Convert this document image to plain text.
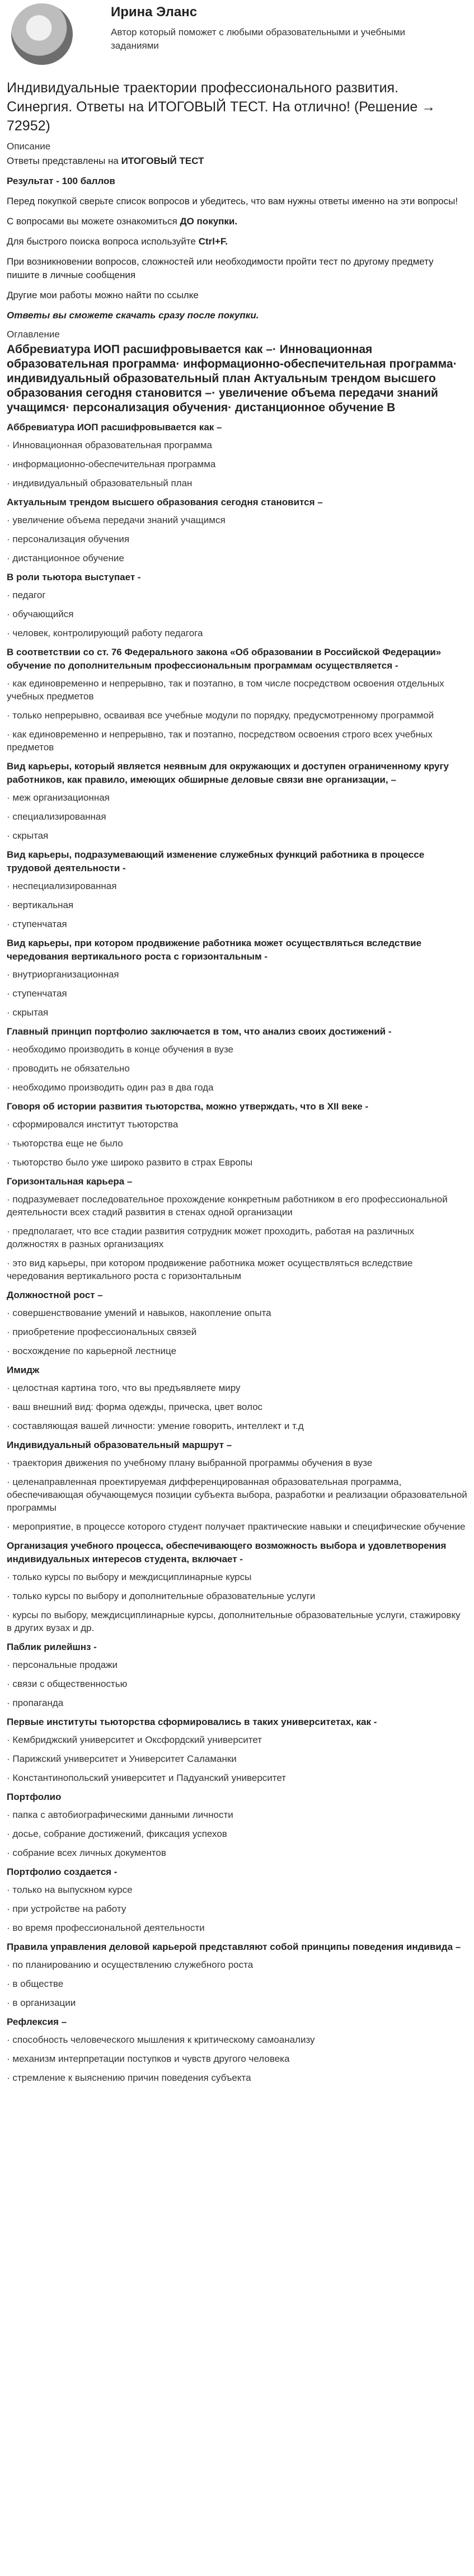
Ирина Эланс
Автор который поможет с любыми образовательными и учебными заданиями
Индивидуальные траектории профессионального развития. Синергия. Ответы на ИТОГОВЫЙ ТЕСТ. На отлично! (Решение → 72952)
Описание

Ответы представлены на ИТОГОВЫЙ ТЕСТ

Результат - 100 баллов

Перед покупкой сверьте список вопросов и убедитесь, что вам нужны ответы именно на эти вопросы!

С вопросами вы можете ознакомиться ДО покупки.

Для быстрого поиска вопроса используйте Ctrl+F.

При возникновении вопросов, сложностей или необходимости пройти тест по другому предмету пишите в личные сообщения

Другие мои работы можно найти по ссылке

Ответы вы сможете скачать сразу после покупки.

Оглавление
Аббревиатура ИОП расшифровывается как –· Инновационная образовательная программа· информационно-обеспечительная программа· индивидуальный образовательный план Актуальным трендом высшего образования сегодня становится –· увеличение объема передачи знаний учащимся· персонализация обучения· дистанционное обучение В
Аббревиатура ИОП расшифровывается как –
· Инновационная образовательная программа
· информационно-обеспечительная программа
· индивидуальный образовательный план
Актуальным трендом высшего образования сегодня становится –
· увеличение объема передачи знаний учащимся
· персонализация обучения
· дистанционное обучение
В роли тьютора выступает -
· педагог
· обучающийся
· человек, контролирующий работу педагога
В соответствии со ст. 76 Федерального закона «Об образовании в Российской Федерации» обучение по дополнительным профессиональным программам осуществляется -
· как единовременно и непрерывно, так и поэтапно, в том числе посредством освоения отдельных учебных предметов
· только непрерывно, осваивая все учебные модули по порядку, предусмотренному программой
· как единовременно и непрерывно, так и поэтапно, посредством освоения строго всех учебных предметов
Вид карьеры, который является неявным для окружающих и доступен ограниченному кругу работников, как правило, имеющих обширные деловые связи вне организации, –
· меж организационная
· специализированная
· скрытая
Вид карьеры, подразумевающий изменение служебных функций работника в процессе трудовой деятельности -
· неспециализированная
· вертикальная
· ступенчатая
Вид карьеры, при котором продвижение работника может осуществляться вследствие чередования вертикального роста с горизонтальным -
· внутриорганизационная
· ступенчатая
· скрытая
Главный принцип портфолио заключается в том, что анализ своих достижений -
· необходимо производить в конце обучения в вузе
· проводить не обязательно
· необходимо производить один раз в два года
Говоря об истории развития тьюторства, можно утверждать, что в XII веке -
· сформировался институт тьюторства
· тьюторства еще не было
· тьюторство было уже широко развито в страх Европы
Горизонтальная карьера –
· подразумевает последовательное прохождение конкретным работником в его профессиональной деятельности всех стадий развития в стенах одной организации
· предполагает, что все стадии развития сотрудник может проходить, работая на различных должностях в разных организациях
· это вид карьеры, при котором продвижение работника может осуществляться вследствие чередования вертикального роста с горизонтальным
Должностной рост –
· совершенствование умений и навыков, накопление опыта
· приобретение профессиональных связей
· восхождение по карьерной лестнице
Имидж
· целостная картина того, что вы предъявляете миру
· ваш внешний вид: форма одежды, прическа, цвет волос
· составляющая вашей личности: умение говорить, интеллект и т.д
Индивидуальный образовательный маршрут –
· траектория движения по учебному плану выбранной программы обучения в вузе
· целенаправленная проектируемая дифференцированная образовательная программа, обеспечивающая обучающемуся позиции субъекта выбора, разработки и реализации образовательной программы
· мероприятие, в процессе которого студент получает практические навыки и специфические обучение
Организация учебного процесса, обеспечивающего возможность выбора и удовлетворения индивидуальных интересов студента, включает -
· только курсы по выбору и междисциплинарные курсы
· только курсы по выбору и дополнительные образовательные услуги
· курсы по выбору, междисциплинарные курсы, дополнительные образовательные услуги, стажировку в других вузах и др.
Паблик рилейшнз -
· персональные продажи
· связи с общественностью
· пропаганда
Первые институты тьюторства сформировались в таких университетах, как -
· Кембриджский университет и Оксфордский университет
· Парижский университет и Университет Саламанки
· Константинопольский университет и Падуанский университет
Портфолио
· папка с автобиографическими данными личности
· досье, собрание достижений, фиксация успехов
· собрание всех личных документов
Портфолио создается -
· только на выпускном курсе
· при устройстве на работу
· во время профессиональной деятельности
Правила управления деловой карьерой представляют собой принципы поведения индивида –
· по планированию и осуществлению служебного роста
· в обществе
· в организации
Рефлексия –
· способность человеческого мышления к критическому самоанализу
· механизм интерпретации поступков и чувств другого человека
· стремление к выяснению причин поведения субъекта
